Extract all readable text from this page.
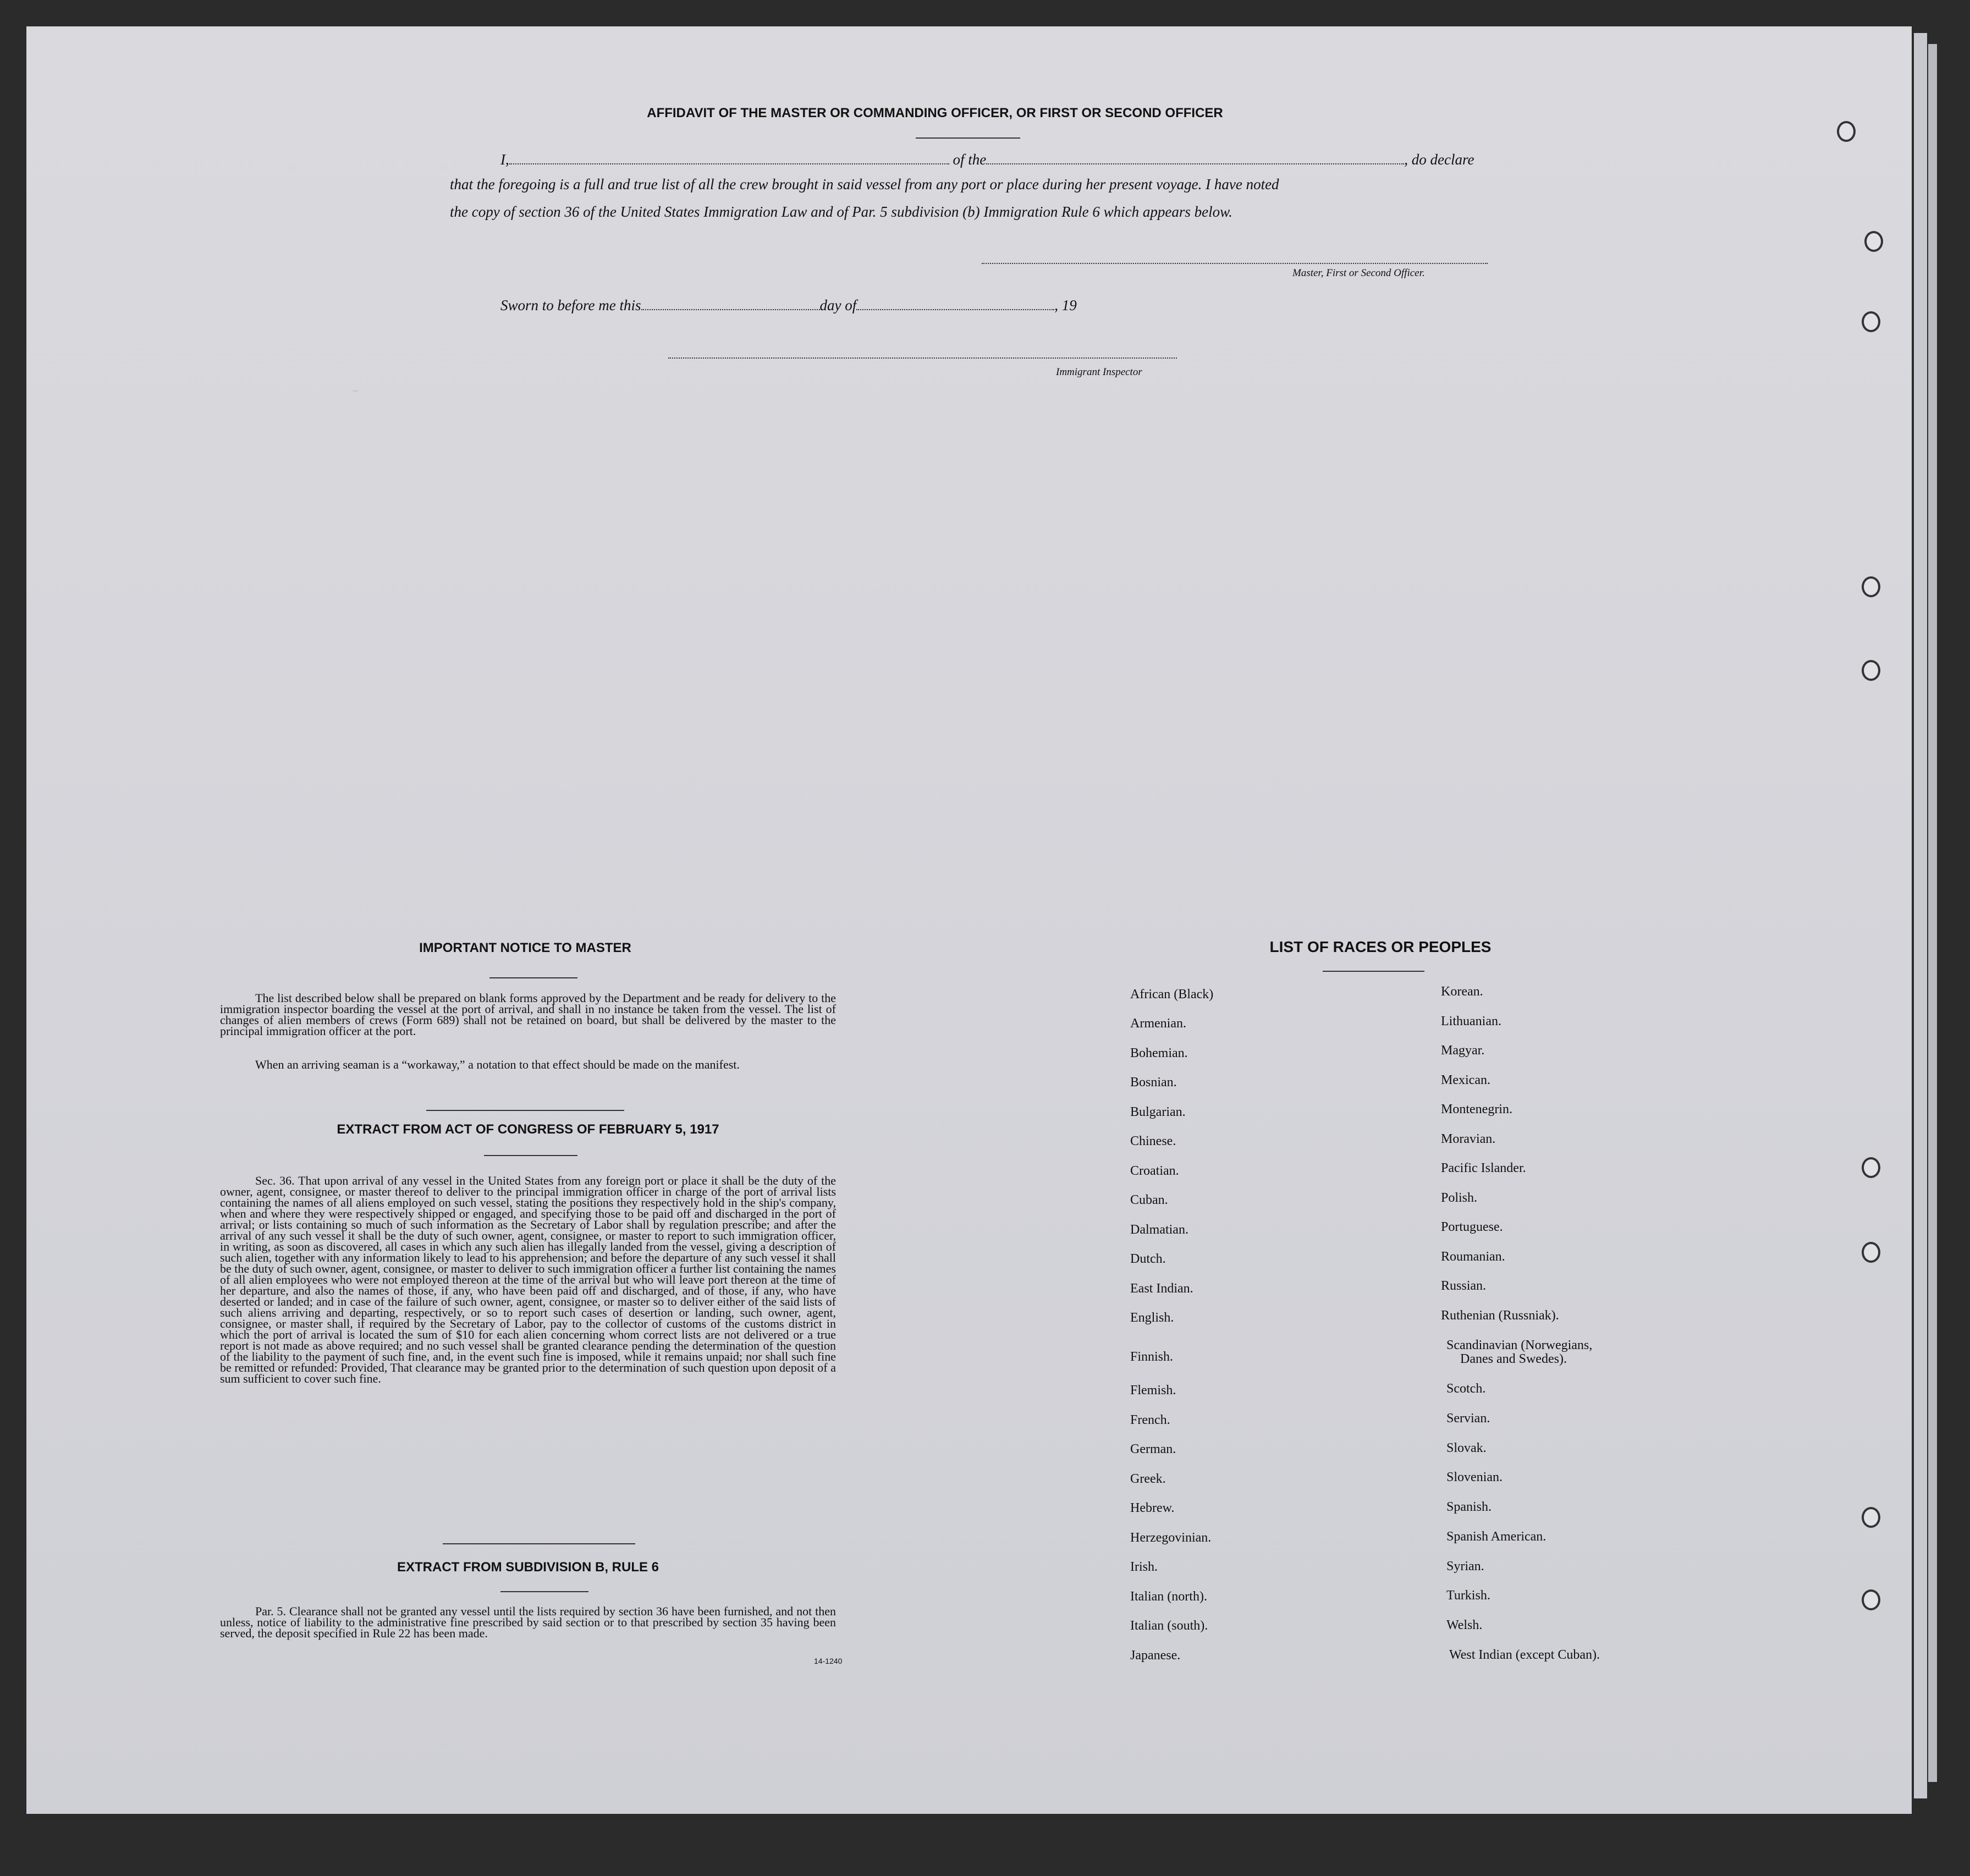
AFFIDAVIT OF THE MASTER OR COMMANDING OFFICER, OR FIRST OR SECOND OFFICER
I,	of the	, do declare
that the foregoing is a full and true list of all the crew brought in said vessel from any port or place during her present voyage. I have noted
the copy of section 36 of the United States Immigration Law and of Par. 5 subdivision (b) Immigration Rule 6 which appears below.
Master, First or Second Officer.
Sworn to before me this	day of	, 19
Immigrant Inspector
–
IMPORTANT NOTICE TO MASTER
The list described below shall be prepared on blank forms approved by the Department and be ready for delivery to the immigration inspector boarding the vessel at the port of arrival, and shall in no instance be taken from the vessel. The list of changes of alien members of crews (Form 689) shall not be retained on board, but shall be delivered by the master to the principal immigration officer at the port.
When an arriving seaman is a “workaway,” a notation to that effect should be made on the manifest.
EXTRACT FROM ACT OF CONGRESS OF FEBRUARY 5, 1917
Sec. 36. That upon arrival of any vessel in the United States from any foreign port or place it shall be the duty of the owner, agent, consignee, or master thereof to deliver to the principal immigration officer in charge of the port of arrival lists containing the names of all aliens employed on such vessel, stating the positions they respectively hold in the ship's company, when and where they were respectively shipped or engaged, and specifying those to be paid off and discharged in the port of arrival; or lists containing so much of such information as the Secretary of Labor shall by regulation prescribe; and after the arrival of any such vessel it shall be the duty of such owner, agent, consignee, or master to report to such immigration officer, in writing, as soon as discovered, all cases in which any such alien has illegally landed from the vessel, giving a description of such alien, together with any information likely to lead to his apprehension; and before the departure of any such vessel it shall be the duty of such owner, agent, consignee, or master to deliver to such immigration officer a further list containing the names of all alien employees who were not employed thereon at the time of the arrival but who will leave port thereon at the time of her departure, and also the names of those, if any, who have been paid off and discharged, and of those, if any, who have deserted or landed; and in case of the failure of such owner, agent, consignee, or master so to deliver either of the said lists of such aliens arriving and departing, respectively, or so to report such cases of desertion or landing, such owner, agent, consignee, or master shall, if required by the Secretary of Labor, pay to the collector of customs of the customs district in which the port of arrival is located the sum of $10 for each alien concerning whom correct lists are not delivered or a true report is not made as above required; and no such vessel shall be granted clearance pending the determination of the question of the liability to the payment of such fine, and, in the event such fine is imposed, while it remains unpaid; nor shall such fine be remitted or refunded: Provided, That clearance may be granted prior to the determination of such question upon deposit of a sum sufficient to cover such fine.
EXTRACT FROM SUBDIVISION B, RULE 6
Par. 5. Clearance shall not be granted any vessel until the lists required by section 36 have been furnished, and not then unless, notice of liability to the administrative fine prescribed by said section or to that prescribed by section 35 having been served, the deposit specified in Rule 22 has been made.
14-1240
LIST OF RACES OR PEOPLES
African (Black)
Armenian.
Bohemian.
Bosnian.
Bulgarian.
Chinese.
Croatian.
Cuban.
Dalmatian.
Dutch.
East Indian.
English.
Finnish.
Flemish.
French.
German.
Greek.
Hebrew.
Herzegovinian.
Irish.
Italian (north).
Italian (south).
Japanese.
Korean.
Lithuanian.
Magyar.
Mexican.
Montenegrin.
Moravian.
Pacific Islander.
Polish.
Portuguese.
Roumanian.
Russian.
Ruthenian (Russniak).
Scandinavian (Norwegians,
Danes and Swedes).
Scotch.
Servian.
Slovak.
Slovenian.
Spanish.
Spanish American.
Syrian.
Turkish.
Welsh.
West Indian (except Cuban).
